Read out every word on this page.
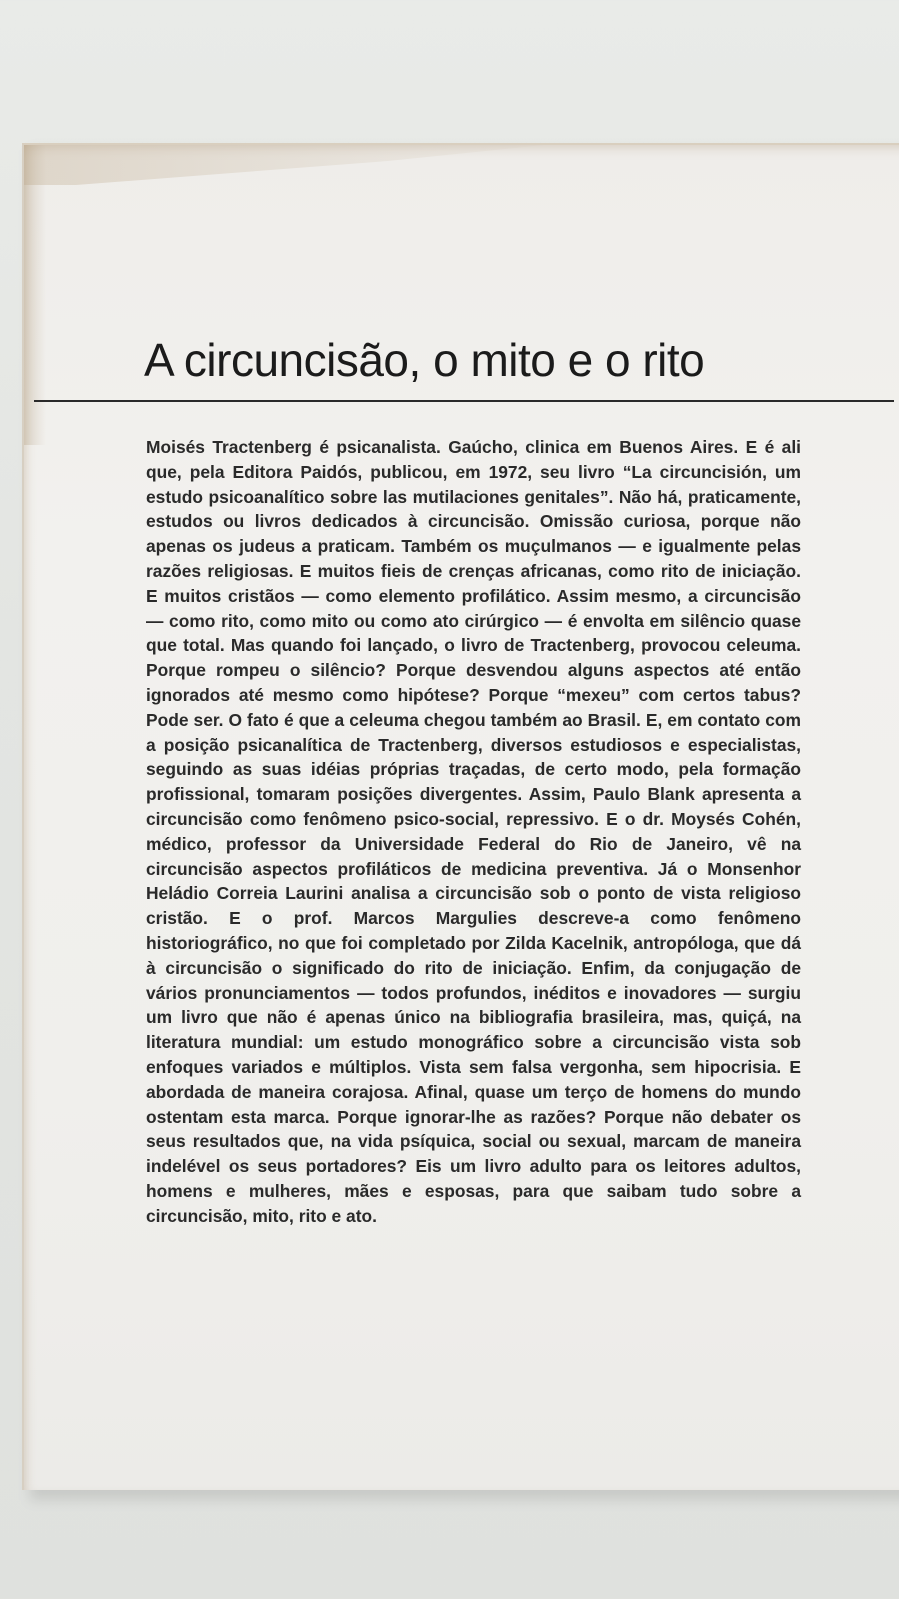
A circuncisão, o mito e o rito

Moisés Tractenberg é psicanalista. Gaúcho, clinica em Buenos Aires. E é ali que, pela Editora Paidós, publicou, em 1972, seu livro “La circuncisión, um estudo psicoanalítico sobre las mutilaciones genitales”. Não há, praticamente, estudos ou livros dedicados à circuncisão. Omissão curiosa, porque não apenas os judeus a praticam. Também os muçulmanos — e igualmente pelas razões religiosas. E muitos fieis de crenças africanas, como rito de iniciação. E muitos cristãos — como elemento profilático. Assim mesmo, a circuncisão — como rito, como mito ou como ato cirúrgico — é envolta em silêncio quase que total. Mas quando foi lançado, o livro de Tractenberg, provocou celeuma. Porque rompeu o silêncio? Porque desvendou alguns aspectos até então ignorados até mesmo como hipótese? Porque “mexeu” com certos tabus? Pode ser. O fato é que a celeuma chegou também ao Brasil. E, em contato com a posição psicanalítica de Tractenberg, diversos estudiosos e especialistas, seguindo as suas idéias próprias traçadas, de certo modo, pela formação profissional, tomaram posições divergentes. Assim, Paulo Blank apresenta a circuncisão como fenômeno psico-social, repressivo. E o dr. Moysés Cohén, médico, professor da Universidade Federal do Rio de Janeiro, vê na circuncisão aspectos profiláticos de medicina preventiva. Já o Monsenhor Heládio Correia Laurini analisa a circuncisão sob o ponto de vista religioso cristão. E o prof. Marcos Margulies descreve-a como fenômeno historiográfico, no que foi completado por Zilda Kacelnik, antropóloga, que dá à circuncisão o significado do rito de iniciação. Enfim, da conjugação de vários pronunciamentos — todos profundos, inéditos e inovadores — surgiu um livro que não é apenas único na bibliografia brasileira, mas, quiçá, na literatura mundial: um estudo monográfico sobre a circuncisão vista sob enfoques variados e múltiplos. Vista sem falsa vergonha, sem hipocrisia. E abordada de maneira corajosa. Afinal, quase um terço de homens do mundo ostentam esta marca. Porque ignorar-lhe as razões? Porque não debater os seus resultados que, na vida psíquica, social ou sexual, marcam de maneira indelével os seus portadores? Eis um livro adulto para os leitores adultos, homens e mulheres, mães e esposas, para que saibam tudo sobre a circuncisão, mito, rito e ato.
